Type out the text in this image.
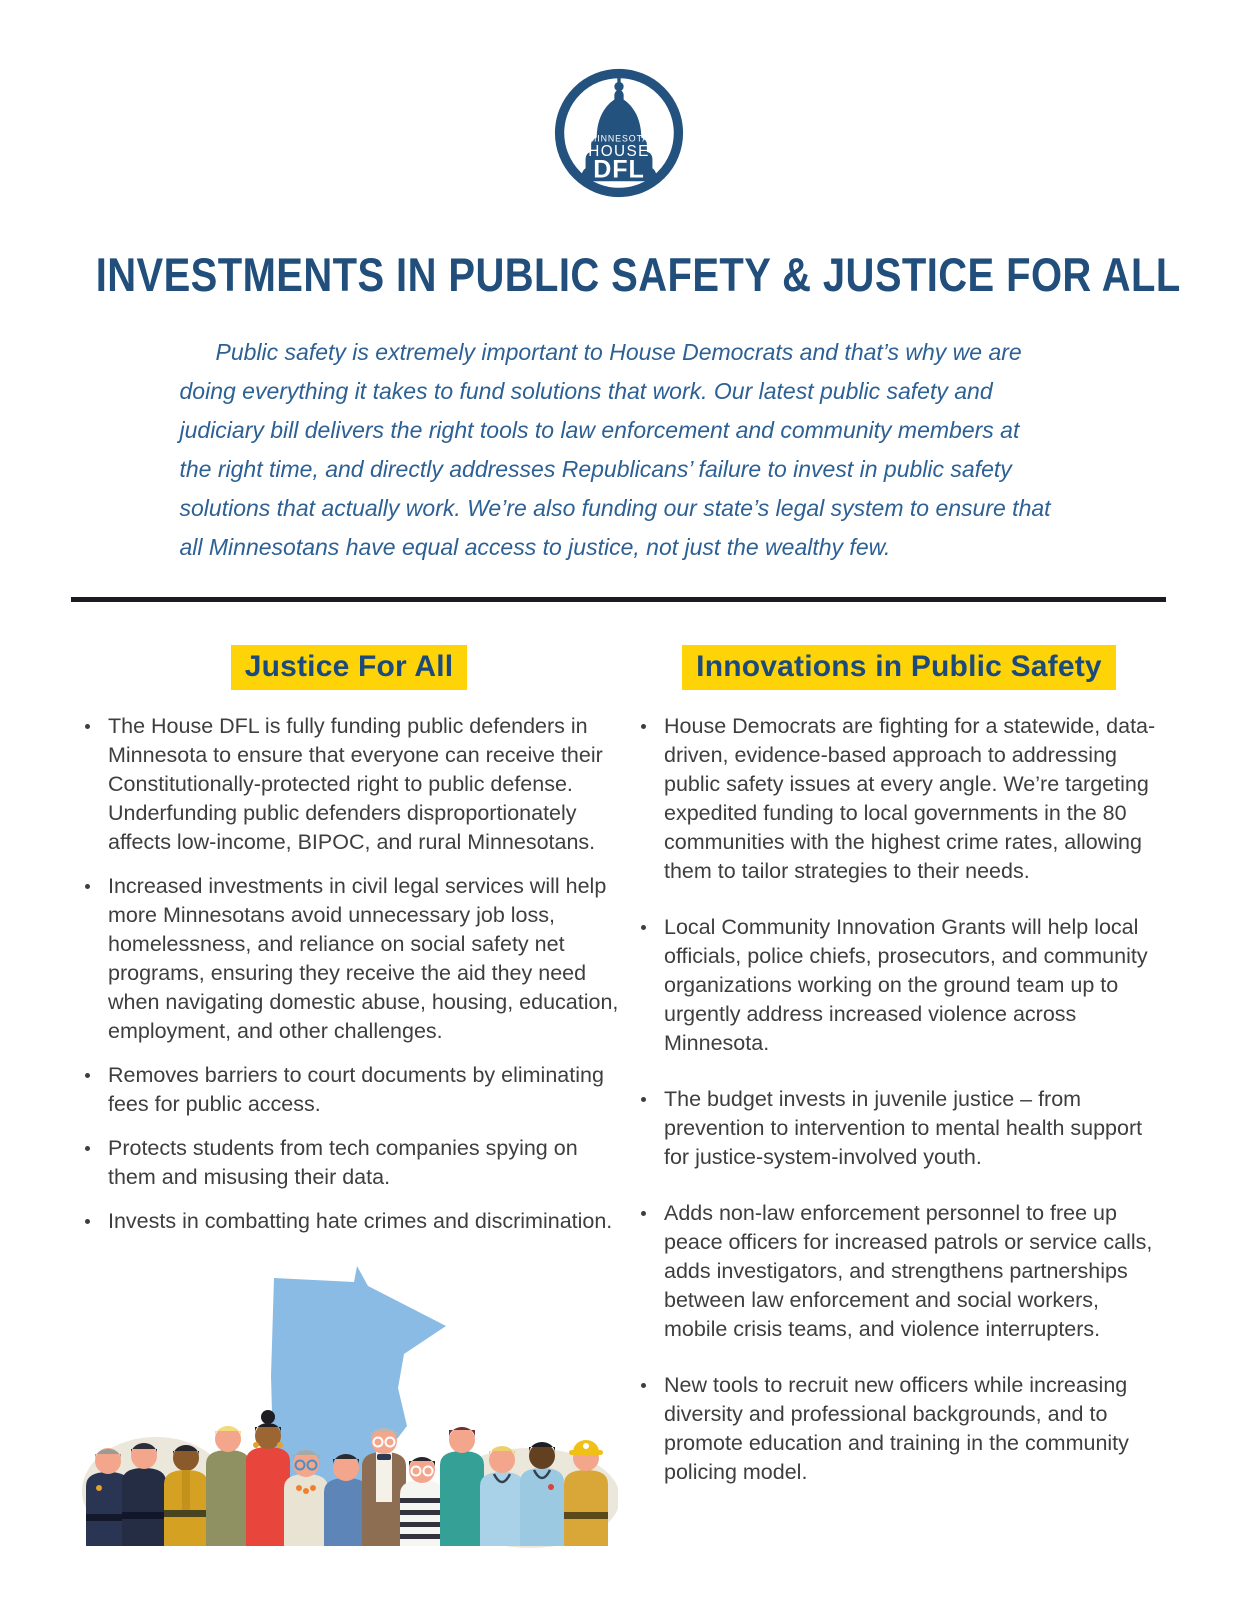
MINNESOTA
HOUSE
DFL
INVESTMENTS IN PUBLIC SAFETY & JUSTICE FOR ALL

Public safety is extremely important to House Democrats and that’s why we are doing everything it takes to fund solutions that work. Our latest public safety and judiciary bill delivers the right tools to law enforcement and community members at the right time, and directly addresses Republicans’ failure to invest in public safety solutions that actually work. We’re also funding our state’s legal system to ensure that all Minnesotans have equal access to justice, not just the wealthy few.

Justice For All
The House DFL is fully funding public defenders in Minnesota to ensure that everyone can receive their Constitutionally-protected right to public defense. Underfunding public defenders disproportionately affects low-income, BIPOC, and rural Minnesotans.
Increased investments in civil legal services will help more Minnesotans avoid unnecessary job loss, homelessness, and reliance on social safety net programs, ensuring they receive the aid they need when navigating domestic abuse, housing, education, employment, and other challenges.
Removes barriers to court documents by eliminating fees for public access.
Protects students from tech companies spying on them and misusing their data.
Invests in combatting hate crimes and discrimination.
Innovations in Public Safety
House Democrats are fighting for a statewide, data-driven, evidence-based approach to addressing public safety issues at every angle. We’re targeting expedited funding to local governments in the 80 communities with the highest crime rates, allowing them to tailor strategies to their needs.
Local Community Innovation Grants will help local officials, police chiefs, prosecutors, and community organizations working on the ground team up to urgently address increased violence across Minnesota.
The budget invests in juvenile justice – from prevention to intervention to mental health support for justice-system-involved youth.
Adds non-law enforcement personnel to free up peace officers for increased patrols or service calls, adds investigators, and strengthens partnerships between law enforcement and social workers, mobile crisis teams, and violence interrupters.
New tools to recruit new officers while increasing diversity and professional backgrounds, and to promote education and training in the community policing model.
